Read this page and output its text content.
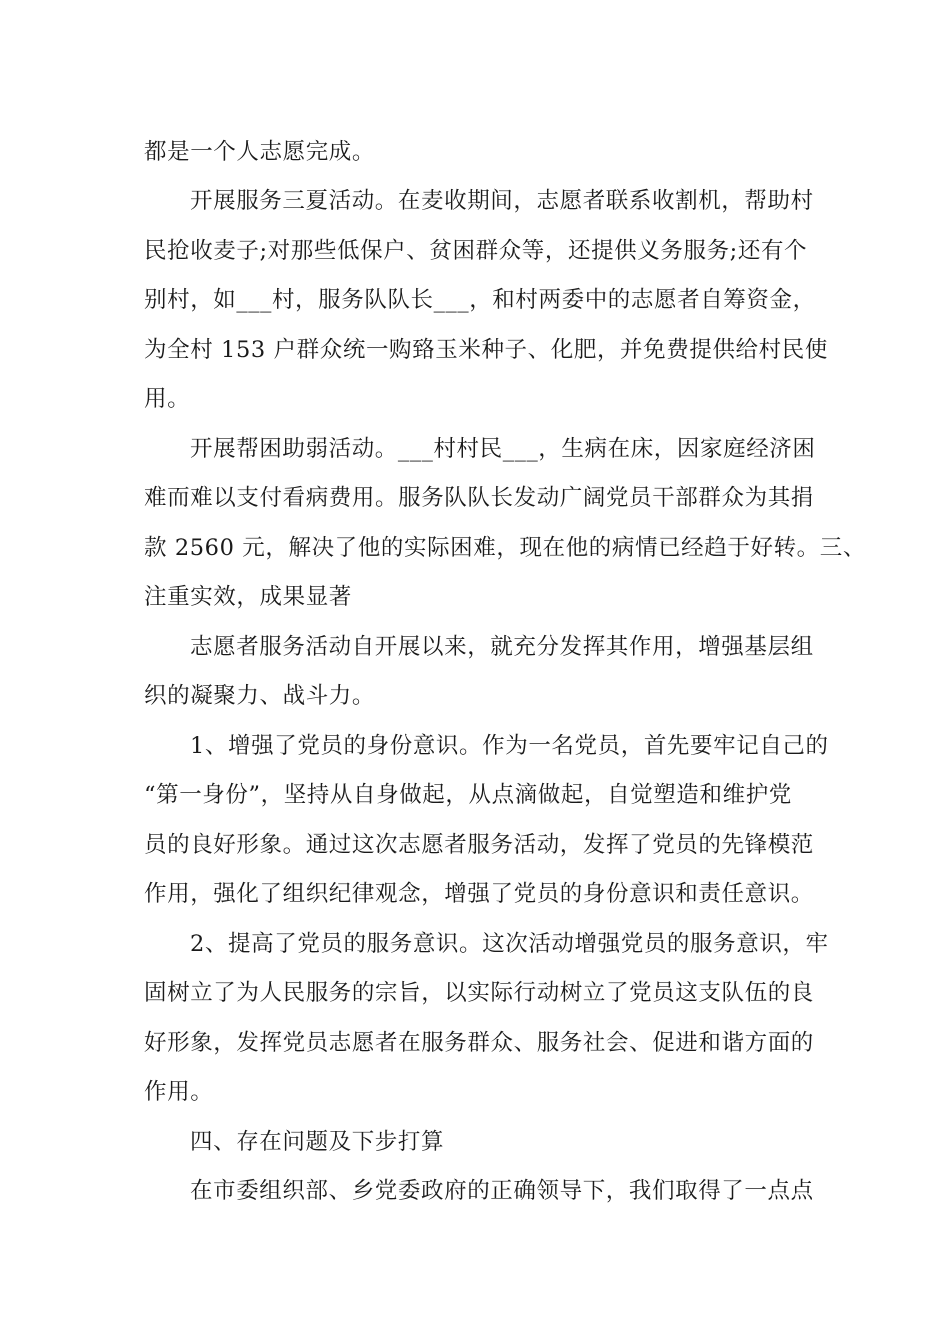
都是一个人志愿完成。
开展服务三夏活动。在麦收期间，志愿者联系收割机，帮助村
民抢收麦子;对那些低保户、贫困群众等，还提供义务服务;还有个
别村，如___村，服务队队长___，和村两委中的志愿者自筹资金，
为全村 153 户群众统一购臵玉米种子、化肥，并免费提供给村民使
用。
开展帮困助弱活动。___村村民___，生病在床，因家庭经济困
难而难以支付看病费用。服务队队长发动广阔党员干部群众为其捐
款 2560 元，解决了他的实际困难，现在他的病情已经趋于好转。三、
注重实效，成果显著
志愿者服务活动自开展以来，就充分发挥其作用，增强基层组
织的凝聚力、战斗力。
1、增强了党员的身份意识。作为一名党员，首先要牢记自己的
“第一身份”，坚持从自身做起，从点滴做起，自觉塑造和维护党
员的良好形象。通过这次志愿者服务活动，发挥了党员的先锋模范
作用，强化了组织纪律观念，增强了党员的身份意识和责任意识。
2、提高了党员的服务意识。这次活动增强党员的服务意识，牢
固树立了为人民服务的宗旨，以实际行动树立了党员这支队伍的良
好形象，发挥党员志愿者在服务群众、服务社会、促进和谐方面的
作用。
四、存在问题及下步打算
在市委组织部、乡党委政府的正确领导下，我们取得了一点点
